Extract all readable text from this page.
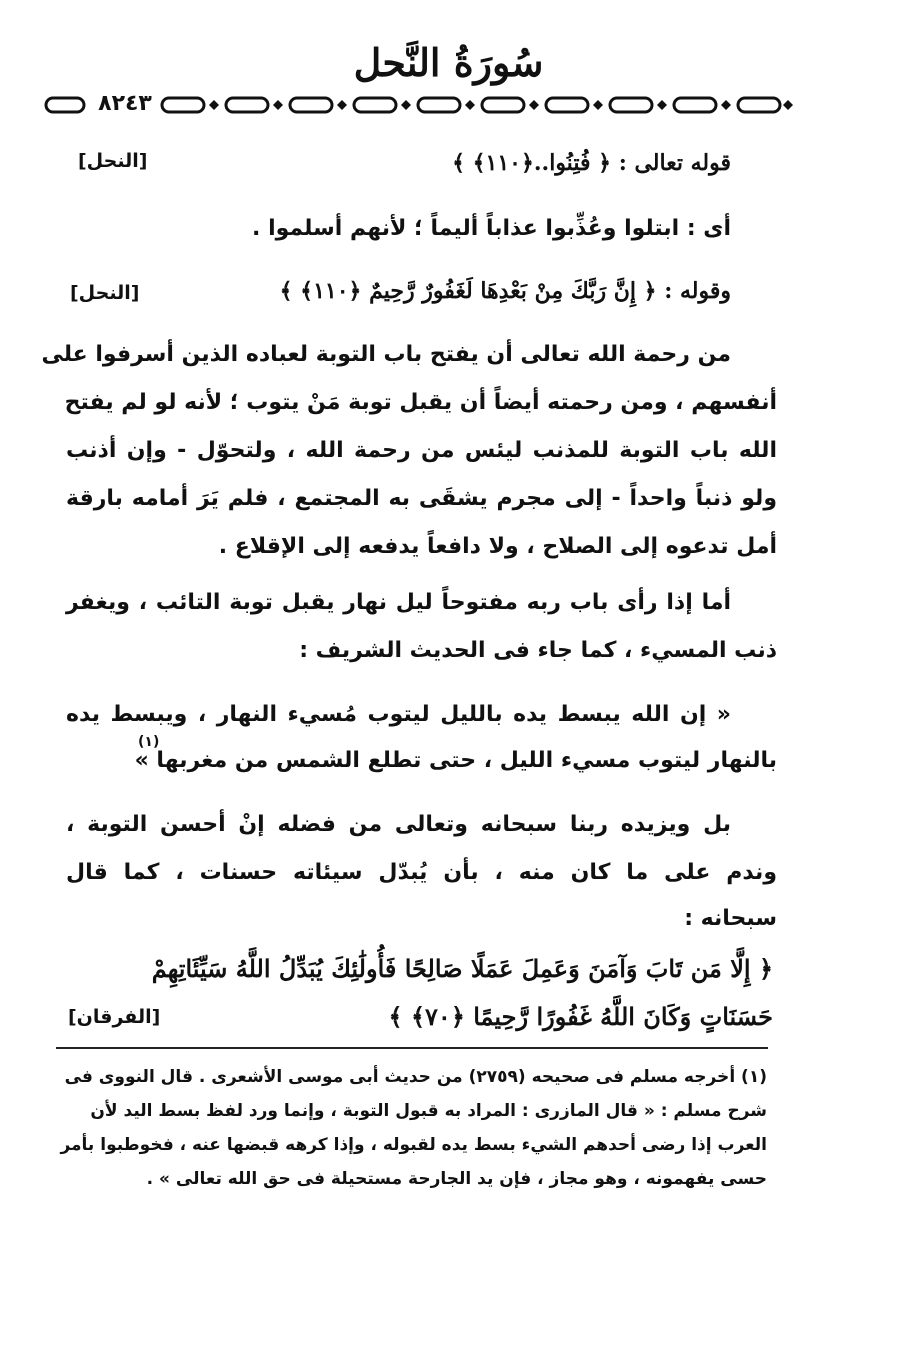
سُورَةُ النَّحل
٨٢٤٣
قوله تعالى : ﴿ فُتِنُوا..﴿١١٠﴾ ﴾
[النحل]
أى : ابتلوا وعُذِّبوا عذاباً أليماً ؛ لأنهم أسلموا .
وقوله : ﴿ إِنَّ رَبَّكَ مِنْ بَعْدِهَا لَغَفُورٌ رَّحِيمٌ ﴿١١٠﴾ ﴾
[النحل]
من رحمة الله تعالى أن يفتح باب التوبة لعباده الذين أسرفوا على
أنفسهم ، ومن رحمته أيضاً أن يقبل توبة مَنْ يتوب ؛ لأنه لو لم يفتح
الله باب التوبة للمذنب ليئس من رحمة الله ، ولتحوّل - وإن أذنب
ولو ذنباً واحداً - إلى مجرم يشقَى به المجتمع ، فلم يَرَ أمامه بارقة
أمل تدعوه إلى الصلاح ، ولا دافعاً يدفعه إلى الإقلاع .
أما إذا رأى باب ربه مفتوحاً ليل نهار يقبل توبة التائب ، ويغفر
ذنب المسيء ، كما جاء فى الحديث الشريف :
« إن الله يبسط يده بالليل ليتوب مُسيء النهار ، ويبسط يده
بالنهار ليتوب مسيء الليل ، حتى تطلع الشمس من مغربها »
(١)
بل ويزيده ربنا سبحانه وتعالى من فضله إنْ أحسن التوبة ،
وندم على ما كان منه ، بأن يُبدّل سيئاته حسنات ، كما قال
سبحانه :
﴿ إِلَّا مَن تَابَ وَآمَنَ وَعَمِلَ عَمَلًا صَالِحًا فَأُولَٰئِكَ يُبَدِّلُ اللَّهُ سَيِّئَاتِهِمْ
حَسَنَاتٍ وَكَانَ اللَّهُ غَفُورًا رَّحِيمًا ﴿٧٠﴾ ﴾
[الفرقان]
(١) أخرجه مسلم فى صحيحه (٢٧٥٩) من حديث أبى موسى الأشعرى . قال النووى فى
شرح مسلم : « قال المازرى : المراد به قبول التوبة ، وإنما ورد لفظ بسط اليد لأن
العرب إذا رضى أحدهم الشيء بسط يده لقبوله ، وإذا كرهه قبضها عنه ، فخوطبوا بأمر
حسى يفهمونه ، وهو مجاز ، فإن يد الجارحة مستحيلة فى حق الله تعالى » .
